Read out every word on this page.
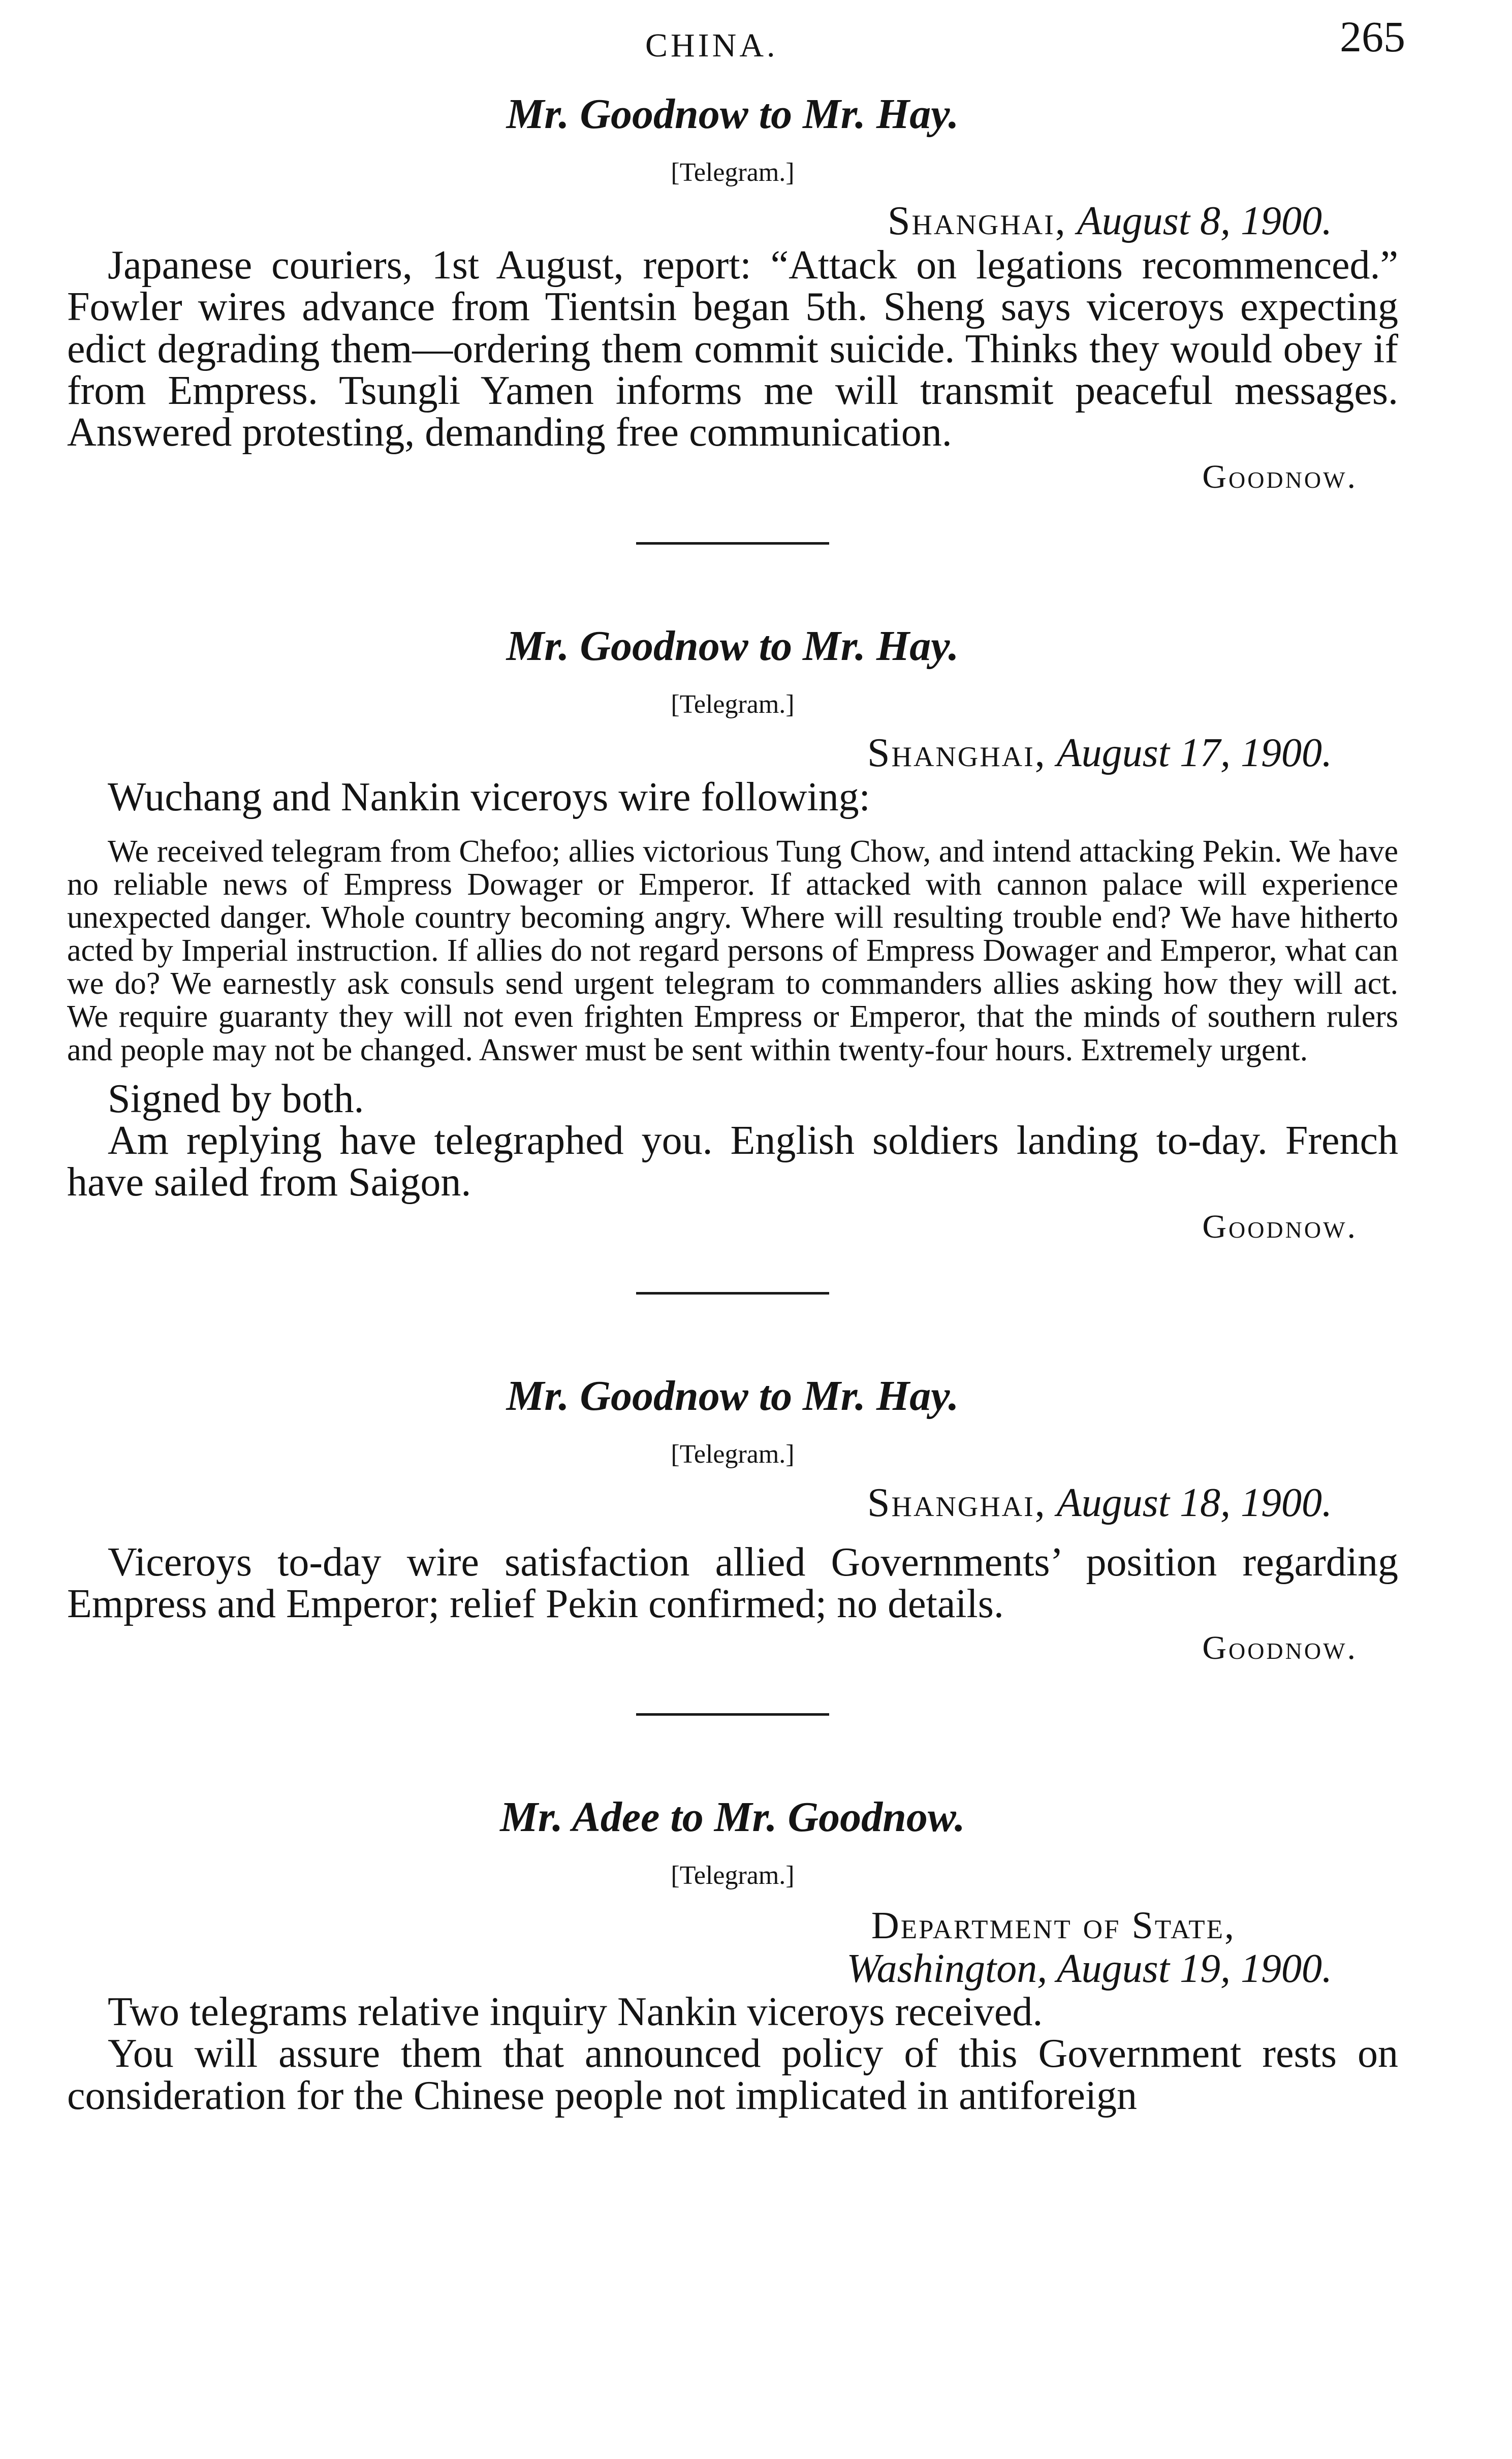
CHINA.	265
Mr. Goodnow to Mr. Hay.

[Telegram.]

Shanghai, August 8, 1900.

Japanese couriers, 1st August, report: “Attack on legations recommenced.” Fowler wires advance from Tientsin began 5th. Sheng says viceroys expecting edict degrading them—ordering them commit suicide. Thinks they would obey if from Empress. Tsungli Yamen informs me will transmit peaceful messages. Answered protesting, demanding free communication.

Goodnow.

Mr. Goodnow to Mr. Hay.

[Telegram.]

Shanghai, August 17, 1900.

Wuchang and Nankin viceroys wire following:

We received telegram from Chefoo; allies victorious Tung Chow, and intend attacking Pekin. We have no reliable news of Empress Dowager or Emperor. If attacked with cannon palace will experience unexpected danger. Whole country becoming angry. Where will resulting trouble end? We have hitherto acted by Imperial instruction. If allies do not regard persons of Empress Dowager and Emperor, what can we do? We earnestly ask consuls send urgent telegram to commanders allies asking how they will act. We require guaranty they will not even frighten Empress or Emperor, that the minds of southern rulers and people may not be changed. Answer must be sent within twenty-four hours. Extremely urgent.

Signed by both.

Am replying have telegraphed you. English soldiers landing to-day. French have sailed from Saigon.

Goodnow.

Mr. Goodnow to Mr. Hay.

[Telegram.]

Shanghai, August 18, 1900.

Viceroys to-day wire satisfaction allied Governments’ position regarding Empress and Emperor; relief Pekin confirmed; no details.

Goodnow.

Mr. Adee to Mr. Goodnow.

[Telegram.]

Department of State,

Washington, August 19, 1900.

Two telegrams relative inquiry Nankin viceroys received.

You will assure them that announced policy of this Government rests on consideration for the Chinese people not implicated in antiforeign
